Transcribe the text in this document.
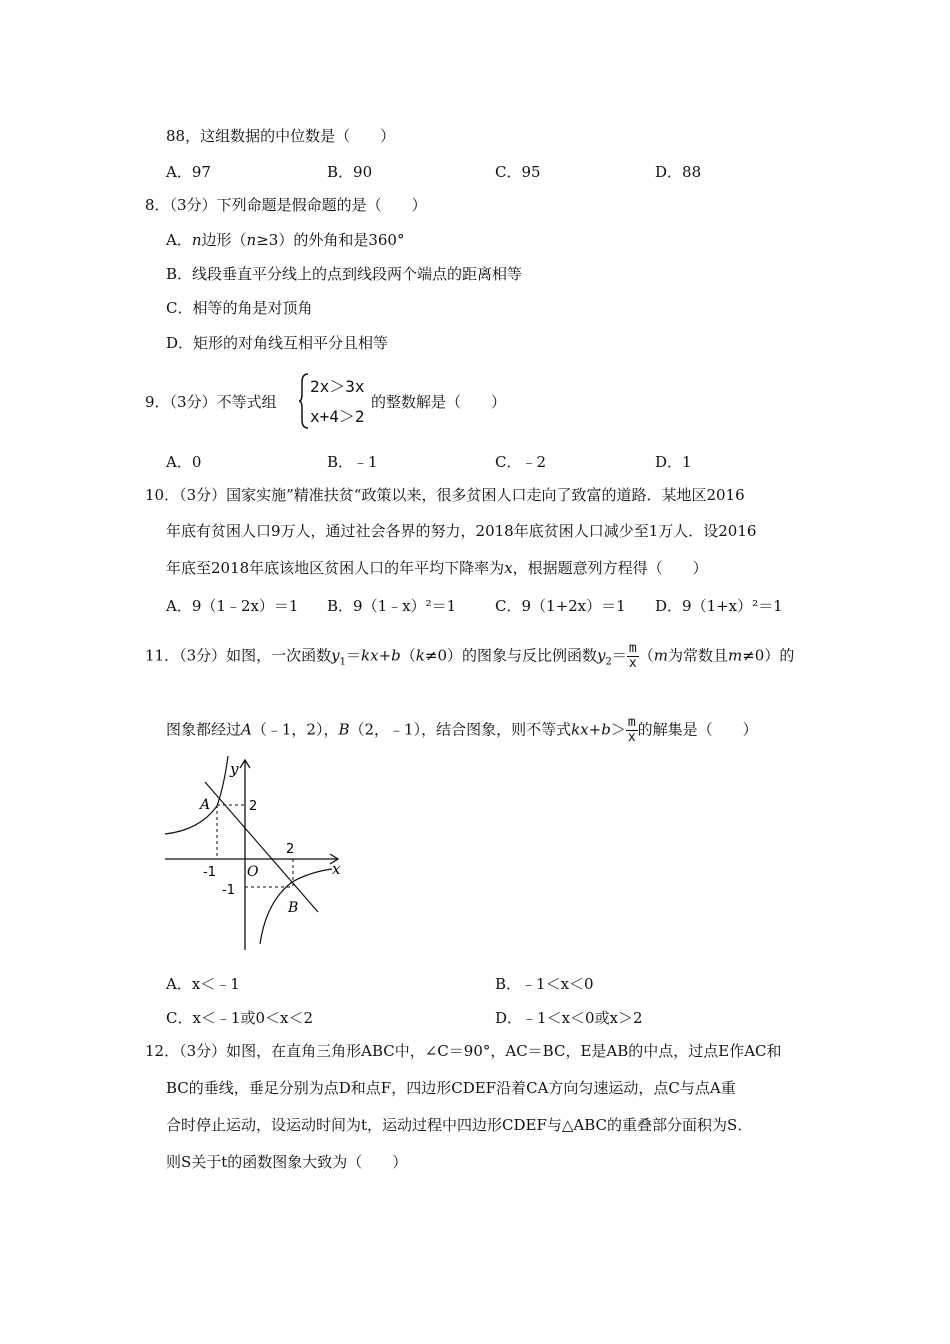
88，这组数据的中位数是（　　）
A．97	B．90	C．95	D．88
8．（3分）下列命题是假命题的是（　　）
A．n边形（n≥3）的外角和是360°
B．线段垂直平分线上的点到线段两个端点的距离相等
C．相等的角是对顶角
D．矩形的对角线互相平分且相等
9．（3分）不等式组
2x＞3x
x+4＞2
的整数解是（　　）
A．0	B．﹣1	C．﹣2	D．1
10．（3分）国家实施”精准扶贫“政策以来，很多贫困人口走向了致富的道路．某地区2016
年底有贫困人口9万人，通过社会各界的努力，2018年底贫困人口减少至1万人．设2016
年底至2018年底该地区贫困人口的年平均下降率为x，根据题意列方程得（　　）
A．9（1﹣2x）＝1 B．9（1﹣x）²＝1	C．9（1+2x）＝1 D．9（1+x）²＝1
11．（3分）如图，一次函数$y_1=kx+b(k\ne 0)$的图象与反比例函数$y_2= \frac{m}{x} (m$为常数且m≠0）的
图象都经过A（﹣1，2），B（2，﹣1），结合图象，则不等式$kx+b> \frac{m}{x}$ 的解集是（　　）
y
x
O
A
B
2
-1
2
-1
A．x＜﹣1	B．﹣1＜x＜0
C．x＜﹣1或0＜x＜2	D．﹣1＜x＜0或x＞2
12．（3分）如图，在直角三角形ABC中，∠C＝90°，AC＝BC，E是AB的中点，过点E作AC和
BC的垂线，垂足分别为点D和点F，四边形CDEF沿着CA方向匀速运动，点C与点A重
合时停止运动，设运动时间为t，运动过程中四边形CDEF与△ABC的重叠部分面积为S．
则S关于t的函数图象大致为（　　）
